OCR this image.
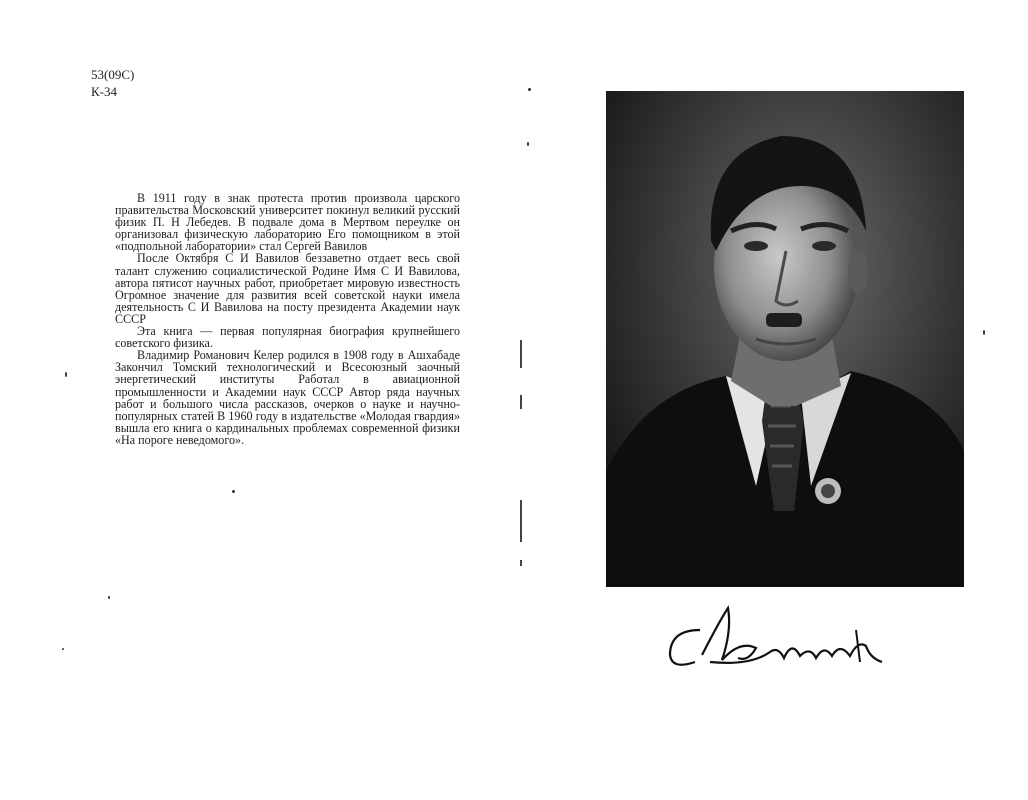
53(09С)
К-34

В 1911 году в знак протеста против произвола царского правительства Московский университет покинул великий русский физик П. Н Лебедев. В подвале дома в Мертвом переулке он организовал физическую лабораторию Его помощником в этой «подпольной лаборатории» стал Сергей Вавилов

После Октября С И Вавилов беззаветно отдает весь свой талант служению социалистической Родине Имя С И Вавилова, автора пятисот научных работ, приобретает мировую известность Огромное значение для развития всей советской науки имела деятельность С И Вавилова на посту президента Академии наук СССР

Эта книга — первая популярная биография крупнейшего советского физика.

Владимир Романович Келер родился в 1908 году в Ашхабаде Закончил Томский технологический и Всесоюзный заочный энергетический институты Работал в авиационной промышленности и Академии наук СССР Автор ряда научных работ и большого числа рассказов, очерков о науке и научно-популярных статей В 1960 году в издательстве «Молодая гвардия» вышла его книга о кардинальных проблемах современной физики «На пороге неведомого».
